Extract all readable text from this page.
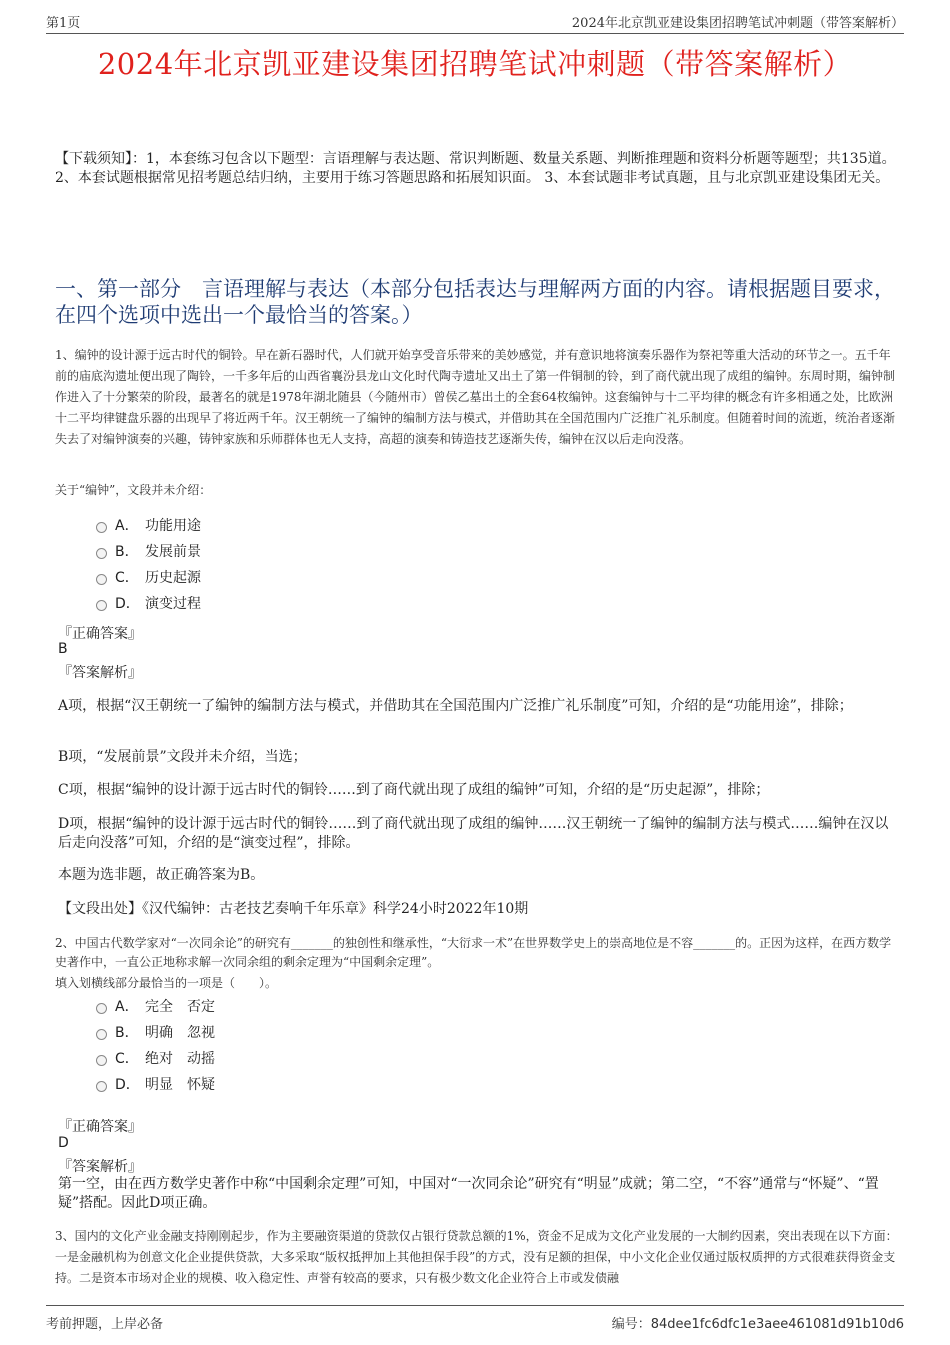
第1页	2024年北京凯亚建设集团招聘笔试冲刺题（带答案解析）
2024年北京凯亚建设集团招聘笔试冲刺题（带答案解析）
【下载须知】：1，本套练习包含以下题型：言语理解与表达题、常识判断题、数量关系题、判断推理题和资料分析题等题型；共135道。 2、本套试题根据常见招考题总结归纳，主要用于练习答题思路和拓展知识面。 3、本套试题非考试真题，且与北京凯亚建设集团无关。
一、第一部分　言语理解与表达（本部分包括表达与理解两方面的内容。请根据题目要求，在四个选项中选出一个最恰当的答案。）
1、编钟的设计源于远古时代的铜铃。早在新石器时代，人们就开始享受音乐带来的美妙感觉，并有意识地将演奏乐器作为祭祀等重大活动的环节之一。五千年前的庙底沟遗址便出现了陶铃，一千多年后的山西省襄汾县龙山文化时代陶寺遗址又出土了第一件铜制的铃，到了商代就出现了成组的编钟。东周时期，编钟制作进入了十分繁荣的阶段，最著名的就是1978年湖北随县（今随州市）曾侯乙墓出土的全套64枚编钟。这套编钟与十二平均律的概念有许多相通之处，比欧洲十二平均律键盘乐器的出现早了将近两千年。汉王朝统一了编钟的编制方法与模式，并借助其在全国范围内广泛推广礼乐制度。但随着时间的流逝，统治者逐渐失去了对编钟演奏的兴趣，铸钟家族和乐师群体也无人支持，高超的演奏和铸造技艺逐渐失传，编钟在汉以后走向没落。
关于“编钟”，文段并未介绍：
A． 功能用途
B． 发展前景
C． 历史起源
D． 演变过程
『正确答案』
B
『答案解析』
A项，根据“汉王朝统一了编钟的编制方法与模式，并借助其在全国范围内广泛推广礼乐制度”可知，介绍的是“功能用途”，排除；
B项，“发展前景”文段并未介绍，当选；
C项，根据“编钟的设计源于远古时代的铜铃……到了商代就出现了成组的编钟”可知，介绍的是“历史起源”，排除；
D项，根据“编钟的设计源于远古时代的铜铃……到了商代就出现了成组的编钟……汉王朝统一了编钟的编制方法与模式……编钟在汉以后走向没落”可知，介绍的是“演变过程”，排除。
本题为选非题，故正确答案为B。
【文段出处】《汉代编钟：古老技艺奏响千年乐章》科学24小时2022年10期
2、中国古代数学家对“一次同余论”的研究有_______的独创性和继承性，“大衍求一术”在世界数学史上的崇高地位是不容_______的。正因为这样，在西方数学史著作中，一直公正地称求解一次同余组的剩余定理为“中国剩余定理”。
填入划横线部分最恰当的一项是（　　）。
A． 完全　否定
B． 明确　忽视
C． 绝对　动摇
D． 明显　怀疑
『正确答案』
D
『答案解析』
第一空，由在西方数学史著作中称“中国剩余定理”可知，中国对“一次同余论”研究有“明显”成就；第二空，“不容”通常与“怀疑”、“置疑”搭配。因此D项正确。
3、国内的文化产业金融支持刚刚起步，作为主要融资渠道的贷款仅占银行贷款总额的1%，资金不足成为文化产业发展的一大制约因素，突出表现在以下方面：一是金融机构为创意文化企业提供贷款，大多采取“版权抵押加上其他担保手段”的方式，没有足额的担保，中小文化企业仅通过版权质押的方式很难获得资金支持。二是资本市场对企业的规模、收入稳定性、声誉有较高的要求，只有极少数文化企业符合上市或发债融
考前押题，上岸必备	编号：84dee1fc6dfc1e3aee461081d91b10d6
